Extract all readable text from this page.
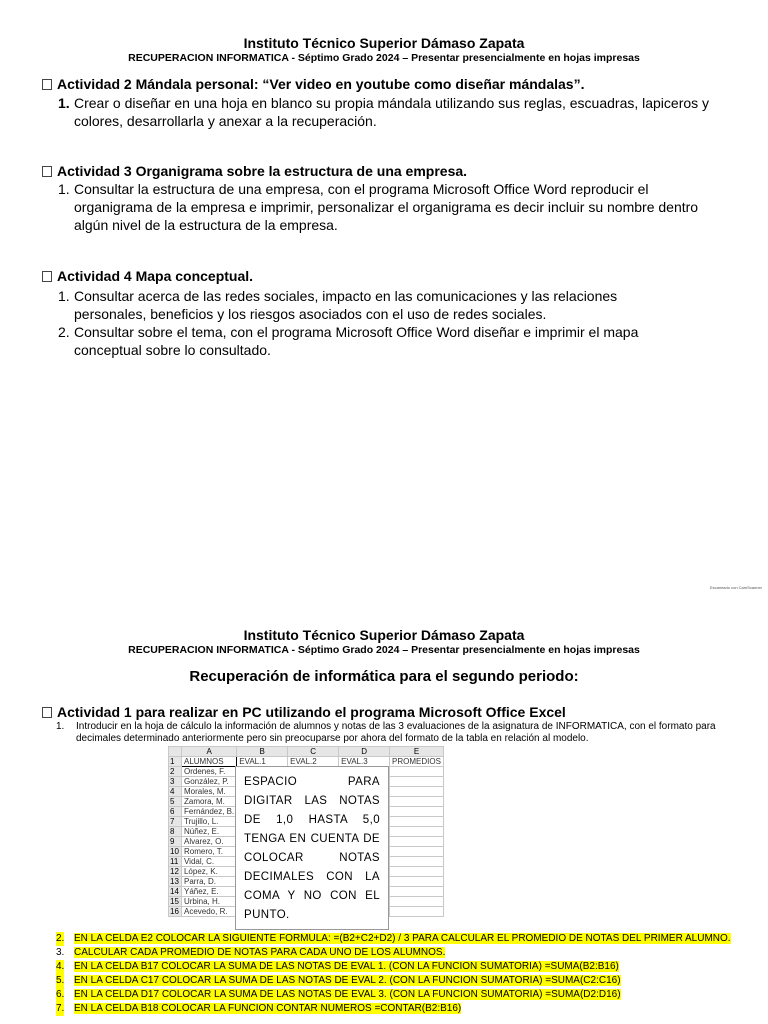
Instituto Técnico Superior Dámaso Zapata
RECUPERACION INFORMATICA - Séptimo Grado 2024 – Presentar presencialmente en hojas impresas
Actividad 2 Mándala personal: “Ver video en youtube como diseñar mándalas”.
1. Crear o diseñar en una hoja en blanco su propia mándala utilizando sus reglas, escuadras, lapiceros y colores, desarrollarla y anexar a la recuperación.
Actividad 3 Organigrama sobre la estructura de una empresa.
1. Consultar la estructura de una empresa, con el programa Microsoft Office Word reproducir el organigrama de la empresa e imprimir, personalizar el organigrama es decir incluir su nombre dentro algún nivel de la estructura de la empresa.
Actividad 4 Mapa conceptual.
1. Consultar acerca de las redes sociales, impacto en las comunicaciones y las relaciones personales, beneficios y los riesgos asociados con el uso de redes sociales.
2. Consultar sobre el tema, con el programa Microsoft Office Word diseñar e imprimir el mapa conceptual sobre lo consultado.
Escaneado con CamScanner
Instituto Técnico Superior Dámaso Zapata
RECUPERACION INFORMATICA - Séptimo Grado 2024 – Presentar presencialmente en hojas impresas
Recuperación de informática para el segundo periodo:
Actividad 1 para realizar en PC utilizando el programa Microsoft Office Excel
1. Introducir en la hoja de cálculo la información de alumnos y notas de las 3 evaluaciones de la asignatura de INFORMATICA, con el formato para decimales determinado anteriormente pero sin preocuparse por ahora del formato de la tabla en relación al modelo.
	A	B	C	D	E
1	ALUMNOS	EVAL.1	EVAL.2	EVAL.3	PROMEDIOS
2	Ordenes, F.				
3	González, P.				
4	Morales, M.				
5	Zamora, M.				
6	Fernández, B.				
7	Trujillo, L.				
8	Núñez, E.				
9	Alvarez, O.				
10	Romero, T.				
11	Vidal, C.				
12	López, K.				
13	Parra, D.				
14	Yáñez, E.				
15	Urbina, H.				
16	Acevedo, R.				
ESPACIO PARA DIGITAR LAS NOTAS DE 1,0 HASTA 5,0 TENGA EN CUENTA DE COLOCAR NOTAS DECIMALES CON LA COMA Y NO CON EL PUNTO.
2. EN LA CELDA E2 COLOCAR LA SIGUIENTE FORMULA: =(B2+C2+D2) / 3 PARA CALCULAR EL PROMEDIO DE NOTAS DEL PRIMER ALUMNO.
3. CALCULAR CADA PROMEDIO DE NOTAS PARA CADA UNO DE LOS ALUMNOS.
4. EN LA CELDA B17 COLOCAR LA SUMA DE LAS NOTAS DE EVAL 1. (CON LA FUNCION SUMATORIA) =SUMA(B2:B16)
5. EN LA CELDA C17 COLOCAR LA SUMA DE LAS NOTAS DE EVAL 2. (CON LA FUNCION SUMATORIA) =SUMA(C2:C16)
6. EN LA CELDA D17 COLOCAR LA SUMA DE LAS NOTAS DE EVAL 3. (CON LA FUNCION SUMATORIA) =SUMA(D2:D16)
7. EN LA CELDA B18 COLOCAR LA FUNCION CONTAR NUMEROS =CONTAR(B2:B16)
